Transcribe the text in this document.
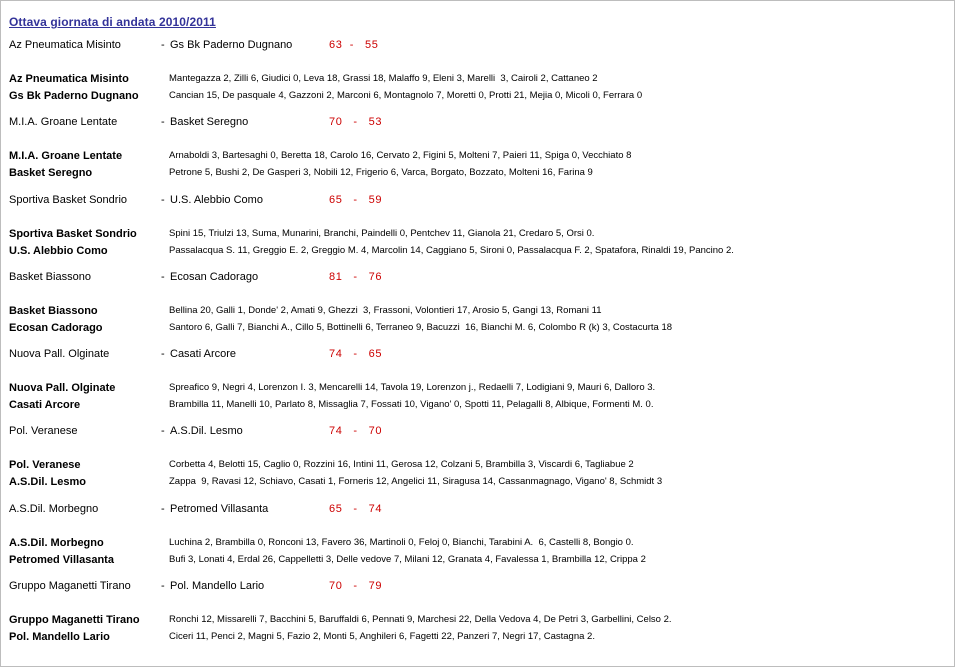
Ottava giornata di andata 2010/2011
Az Pneumatica Misinto	- Gs Bk Paderno Dugnano	63  -   55
Az Pneumatica Misinto	Mantegazza 2, Zilli 6, Giudici 0, Leva 18, Grassi 18, Malaffo 9, Eleni 3, Marelli  3, Cairoli 2, Cattaneo 2
Gs Bk Paderno Dugnano	Cancian 15, De pasquale 4, Gazzoni 2, Marconi 6, Montagnolo 7, Moretti 0, Protti 21, Mejia 0, Micoli 0, Ferrara 0
M.I.A. Groane Lentate	- Basket Seregno	70   -   53
M.I.A. Groane Lentate	Arnaboldi 3, Bartesaghi 0, Beretta 18, Carolo 16, Cervato 2, Figini 5, Molteni 7, Paieri 11, Spiga 0, Vecchiato 8
Basket Seregno	Petrone 5, Bushi 2, De Gasperi 3, Nobili 12, Frigerio 6, Varca, Borgato, Bozzato, Molteni 16, Farina 9
Sportiva Basket Sondrio	- U.S. Alebbio Como	65   -   59
Sportiva Basket Sondrio	Spini 15, Triulzi 13, Suma, Munarini, Branchi, Paindelli 0, Pentchev 11, Gianola 21, Credaro 5, Orsi 0.
U.S. Alebbio Como	Passalacqua S. 11, Greggio E. 2, Greggio M. 4, Marcolin 14, Caggiano 5, Sironi 0, Passalacqua F. 2, Spatafora, Rinaldi 19, Pancino 2.
Basket Biassono	- Ecosan Cadorago	81   -   76
Basket Biassono	Bellina 20, Galli 1, Donde' 2, Amati 9, Ghezzi  3, Frassoni, Volontieri 17, Arosio 5, Gangi 13, Romani 11
Ecosan Cadorago	Santoro 6, Galli 7, Bianchi A., Cillo 5, Bottinelli 6, Terraneo 9, Bacuzzi  16, Bianchi M. 6, Colombo R (k) 3, Costacurta 18
Nuova Pall. Olginate	- Casati Arcore	74   -   65
Nuova Pall. Olginate	Spreafico 9, Negri 4, Lorenzon I. 3, Mencarelli 14, Tavola 19, Lorenzon j., Redaelli 7, Lodigiani 9, Mauri 6, Dalloro 3.
Casati Arcore	Brambilla 11, Manelli 10, Parlato 8, Missaglia 7, Fossati 10, Vigano' 0, Spotti 11, Pelagalli 8, Albique, Formenti M. 0.
Pol. Veranese	- A.S.Dil. Lesmo	74   -   70
Pol. Veranese	Corbetta 4, Belotti 15, Caglio 0, Rozzini 16, Intini 11, Gerosa 12, Colzani 5, Brambilla 3, Viscardi 6, Tagliabue 2
A.S.Dil. Lesmo	Zappa  9, Ravasi 12, Schiavo, Casati 1, Forneris 12, Angelici 11, Siragusa 14, Cassanmagnago, Vigano' 8, Schmidt 3
A.S.Dil. Morbegno	- Petromed Villasanta	65   -   74
A.S.Dil. Morbegno	Luchina 2, Brambilla 0, Ronconi 13, Favero 36, Martinoli 0, Feloj 0, Bianchi, Tarabini A.  6, Castelli 8, Bongio 0.
Petromed Villasanta	Bufi 3, Lonati 4, Erdal 26, Cappelletti 3, Delle vedove 7, Milani 12, Granata 4, Favalessa 1, Brambilla 12, Crippa 2
Gruppo Maganetti Tirano	- Pol. Mandello Lario	70   -   79
Gruppo Maganetti Tirano	Ronchi 12, Missarelli 7, Bacchini 5, Baruffaldi 6, Pennati 9, Marchesi 22, Della Vedova 4, De Petri 3, Garbellini, Celso 2.
Pol. Mandello Lario	Ciceri 11, Penci 2, Magni 5, Fazio 2, Monti 5, Anghileri 6, Fagetti 22, Panzeri 7, Negri 17, Castagna 2.
